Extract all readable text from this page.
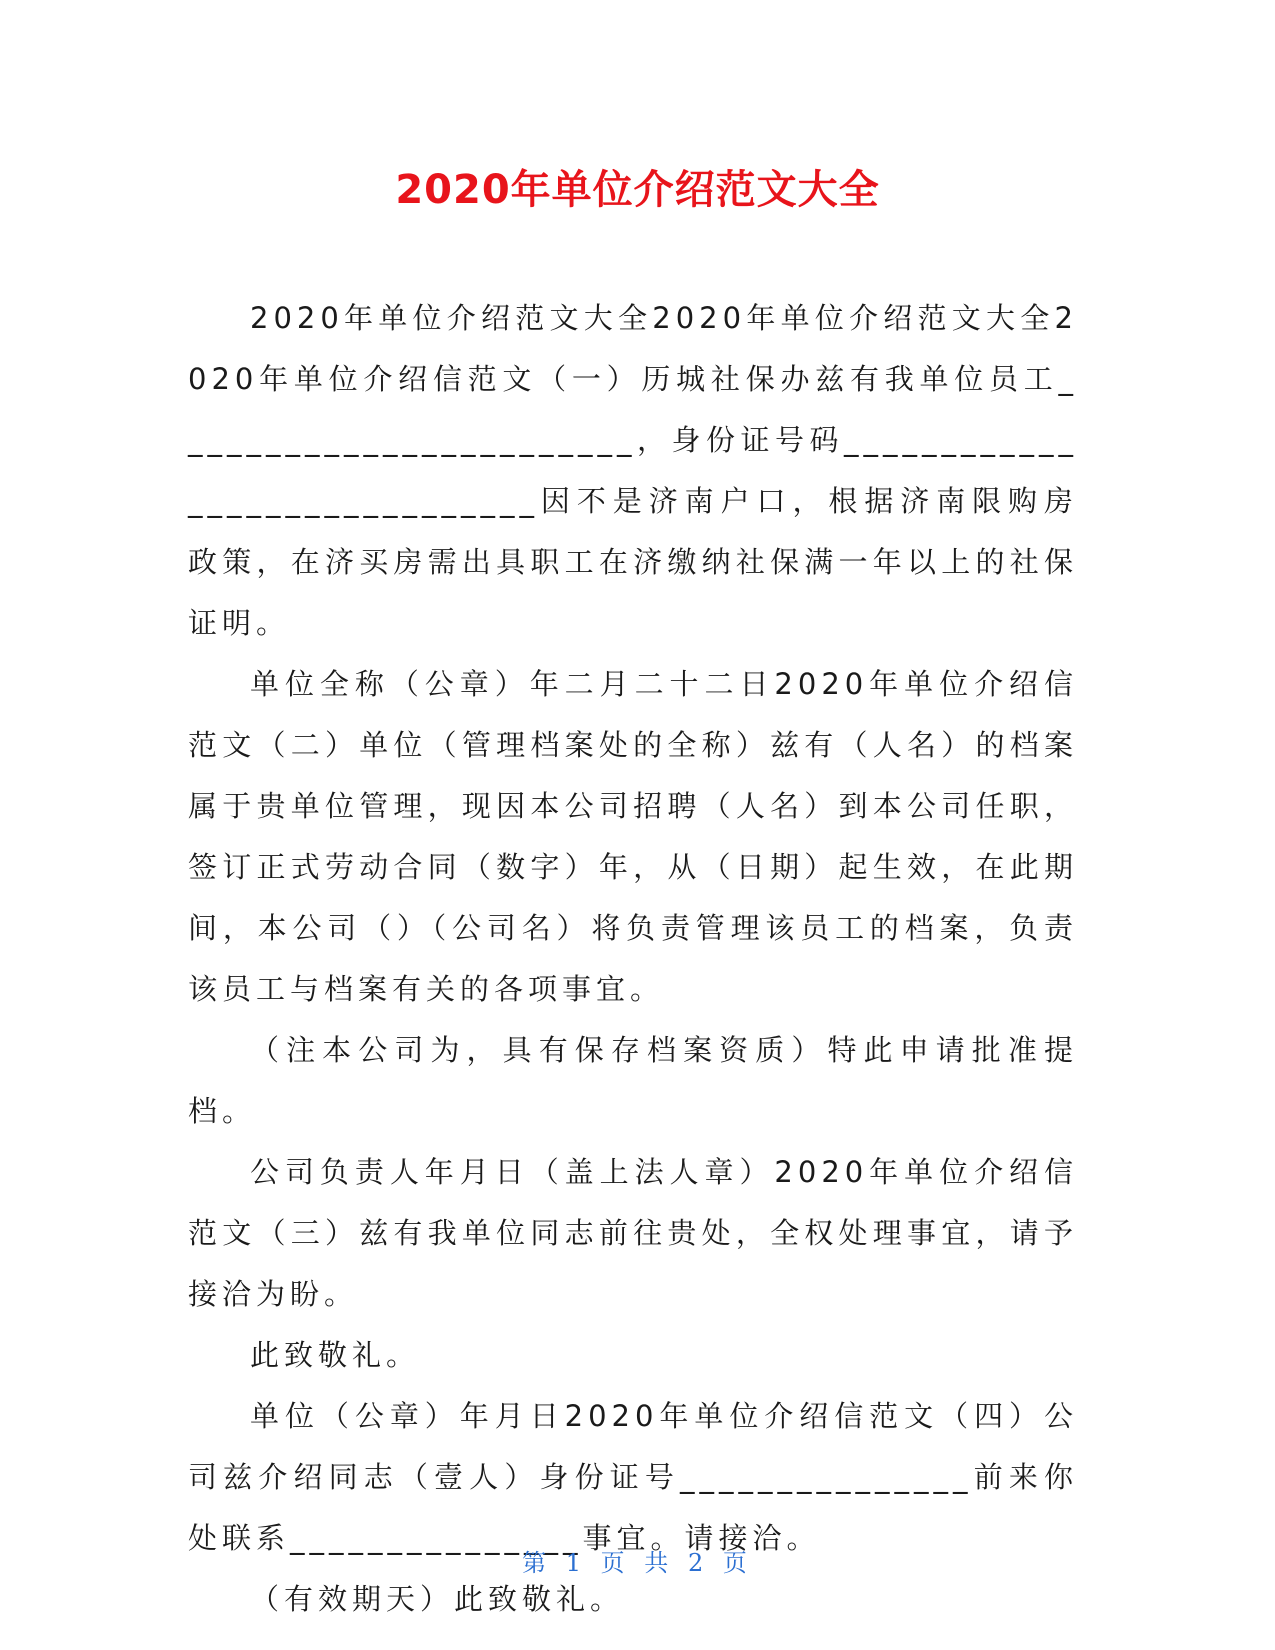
2020年单位介绍范文大全

2020年单位介绍范文大全2020年单位介绍范文大全2020年单位介绍信范文（一）历城社保办兹有我单位员工________________________，身份证号码______________________________因不是济南户口，根据济南限购房政策，在济买房需出具职工在济缴纳社保满一年以上的社保证明。

单位全称（公章）年二月二十二日2020年单位介绍信范文（二）单位（管理档案处的全称）兹有（人名）的档案属于贵单位管理，现因本公司招聘（人名）到本公司任职，签订正式劳动合同（数字）年，从（日期）起生效，在此期间，本公司（）（公司名）将负责管理该员工的档案，负责该员工与档案有关的各项事宜。

（注本公司为，具有保存档案资质）特此申请批准提档。

公司负责人年月日（盖上法人章）2020年单位介绍信范文（三）兹有我单位同志前往贵处，全权处理事宜，请予接洽为盼。

此致敬礼。

单位（公章）年月日2020年单位介绍信范文（四）公司兹介绍同志（壹人）身份证号_______________前来你处联系_______________事宜。请接洽。

（有效期天）此致敬礼。

第 1 页 共 2 页
